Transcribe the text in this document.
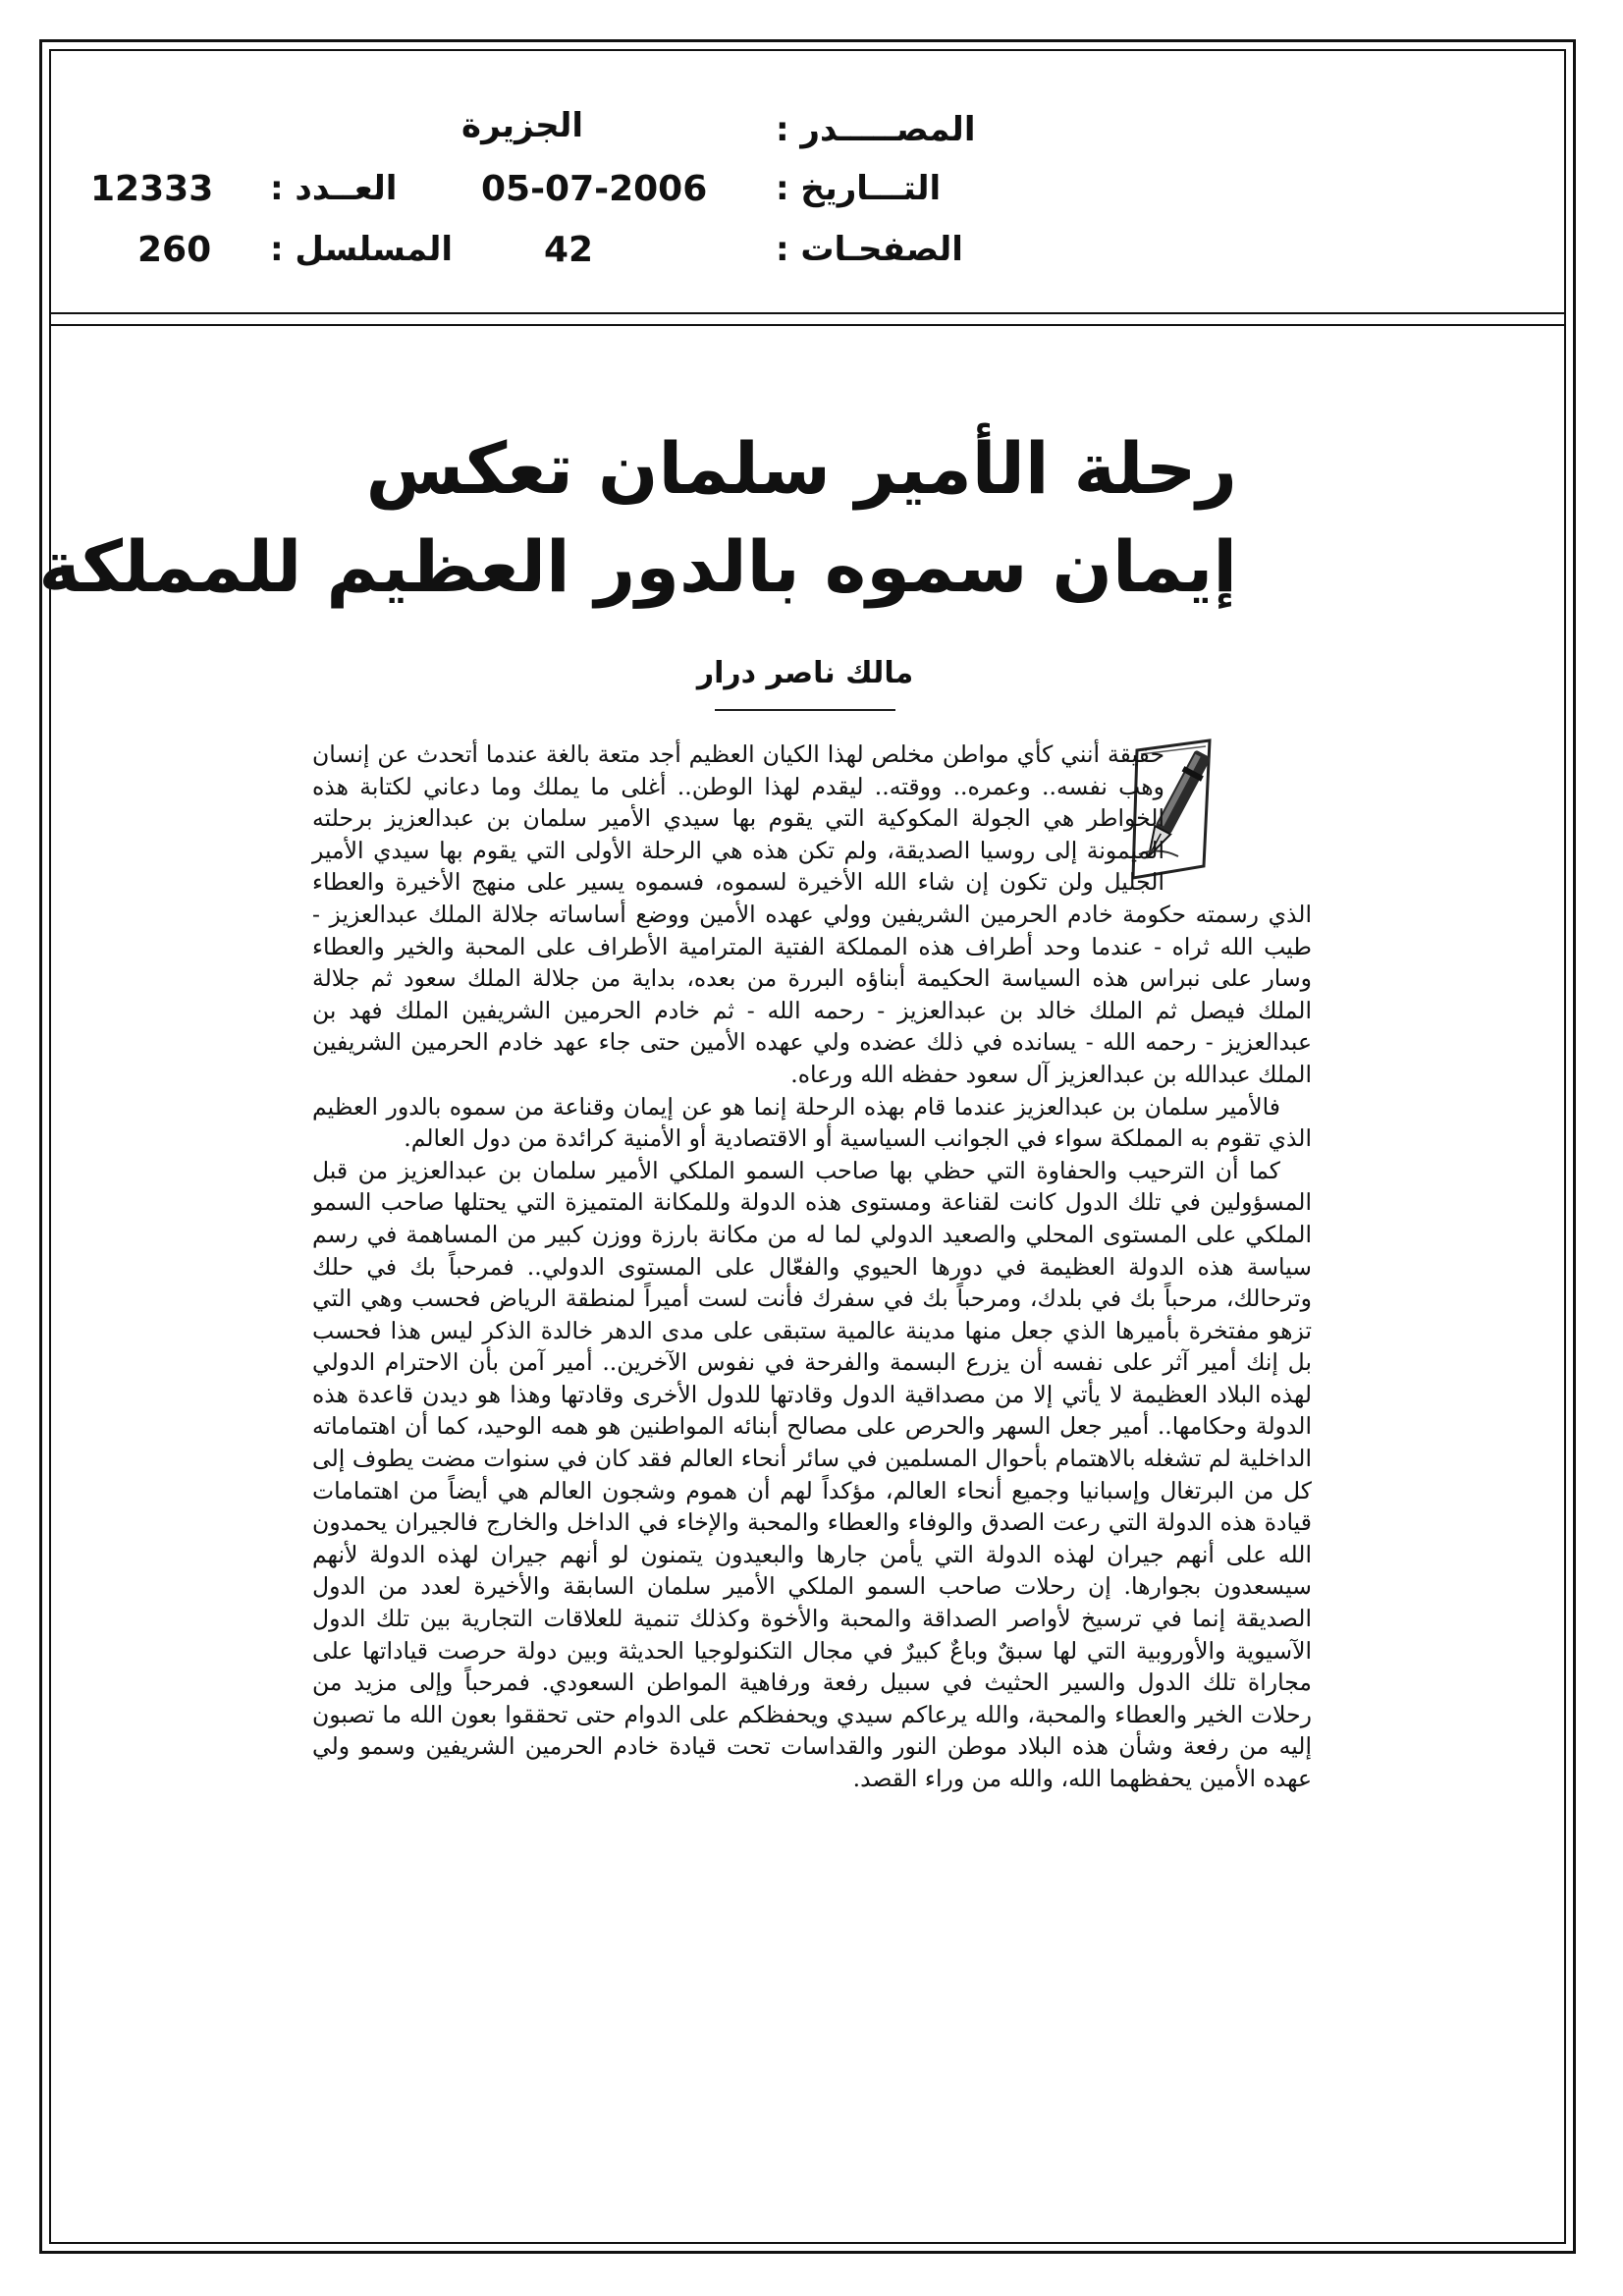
الجزيرة	المصـــــدر :
05-07-2006 التـــاريخ :
12333 العــدد :
42	الصفحـات :
260 المسلسل :
رحلة الأمير سلمان تعكس
إيمان سموه بالدور العظيم للمملكة
مالك ناصر درار

حقيقة أنني كأي مواطن مخلص لهذا الكيان العظيم أجد متعة بالغة عندما أتحدث عن إنسان وهب نفسه.. وعمره.. ووقته.. ليقدم لهذا الوطن.. أغلى ما يملك وما دعاني لكتابة هذه الخواطر هي الجولة المكوكية التي يقوم بها سيدي الأمير سلمان بن عبدالعزيز برحلته الميمونة إلى روسيا الصديقة، ولم تكن هذه هي الرحلة الأولى التي يقوم بها سيدي الأمير الجليل ولن تكون إن شاء الله الأخيرة لسموه، فسموه يسير على منهج الأخيرة والعطاء الذي رسمته حكومة خادم الحرمين الشريفين وولي عهده الأمين ووضع أساساته جلالة الملك عبدالعزيز - طيب الله ثراه - عندما وحد أطراف هذه المملكة الفتية المترامية الأطراف على المحبة والخير والعطاء وسار على نبراس هذه السياسة الحكيمة أبناؤه البررة من بعده، بداية من جلالة الملك سعود ثم جلالة الملك فيصل ثم الملك خالد بن عبدالعزيز - رحمه الله - ثم خادم الحرمين الشريفين الملك فهد بن عبدالعزيز - رحمه الله - يسانده في ذلك عضده ولي عهده الأمين حتى جاء عهد خادم الحرمين الشريفين الملك عبدالله بن عبدالعزيز آل سعود حفظه الله ورعاه.

فالأمير سلمان بن عبدالعزيز عندما قام بهذه الرحلة إنما هو عن إيمان وقناعة من سموه بالدور العظيم الذي تقوم به المملكة سواء في الجوانب السياسية أو الاقتصادية أو الأمنية كرائدة من دول العالم.

كما أن الترحيب والحفاوة التي حظي بها صاحب السمو الملكي الأمير سلمان بن عبدالعزيز من قبل المسؤولين في تلك الدول كانت لقناعة ومستوى هذه الدولة وللمكانة المتميزة التي يحتلها صاحب السمو الملكي على المستوى المحلي والصعيد الدولي لما له من مكانة بارزة ووزن كبير من المساهمة في رسم سياسة هذه الدولة العظيمة في دورها الحيوي والفعّال على المستوى الدولي.. فمرحباً بك في حلك وترحالك، مرحباً بك في بلدك، ومرحباً بك في سفرك فأنت لست أميراً لمنطقة الرياض فحسب وهي التي تزهو مفتخرة بأميرها الذي جعل منها مدينة عالمية ستبقى على مدى الدهر خالدة الذكر ليس هذا فحسب بل إنك أمير آثر على نفسه أن يزرع البسمة والفرحة في نفوس الآخرين.. أمير آمن بأن الاحترام الدولي لهذه البلاد العظيمة لا يأتي إلا من مصداقية الدول وقادتها للدول الأخرى وقادتها وهذا هو ديدن قاعدة هذه الدولة وحكامها.. أمير جعل السهر والحرص على مصالح أبنائه المواطنين هو همه الوحيد، كما أن اهتماماته الداخلية لم تشغله بالاهتمام بأحوال المسلمين في سائر أنحاء العالم فقد كان في سنوات مضت يطوف إلى كل من البرتغال وإسبانيا وجميع أنحاء العالم، مؤكداً لهم أن هموم وشجون العالم هي أيضاً من اهتمامات قيادة هذه الدولة التي رعت الصدق والوفاء والعطاء والمحبة والإخاء في الداخل والخارج فالجيران يحمدون الله على أنهم جيران لهذه الدولة التي يأمن جارها والبعيدون يتمنون لو أنهم جيران لهذه الدولة لأنهم سيسعدون بجوارها. إن رحلات صاحب السمو الملكي الأمير سلمان السابقة والأخيرة لعدد من الدول الصديقة إنما في ترسيخ لأواصر الصداقة والمحبة والأخوة وكذلك تنمية للعلاقات التجارية بين تلك الدول الآسيوية والأوروبية التي لها سبقٌ وباعٌ كبيرٌ في مجال التكنولوجيا الحديثة وبين دولة حرصت قياداتها على مجاراة تلك الدول والسير الحثيث في سبيل رفعة ورفاهية المواطن السعودي. فمرحباً وإلى مزيد من رحلات الخير والعطاء والمحبة، والله يرعاكم سيدي ويحفظكم على الدوام حتى تحققوا بعون الله ما تصبون إليه من رفعة وشأن هذه البلاد موطن النور والقداسات تحت قيادة خادم الحرمين الشريفين وسمو ولي عهده الأمين يحفظهما الله، والله من وراء القصد.
